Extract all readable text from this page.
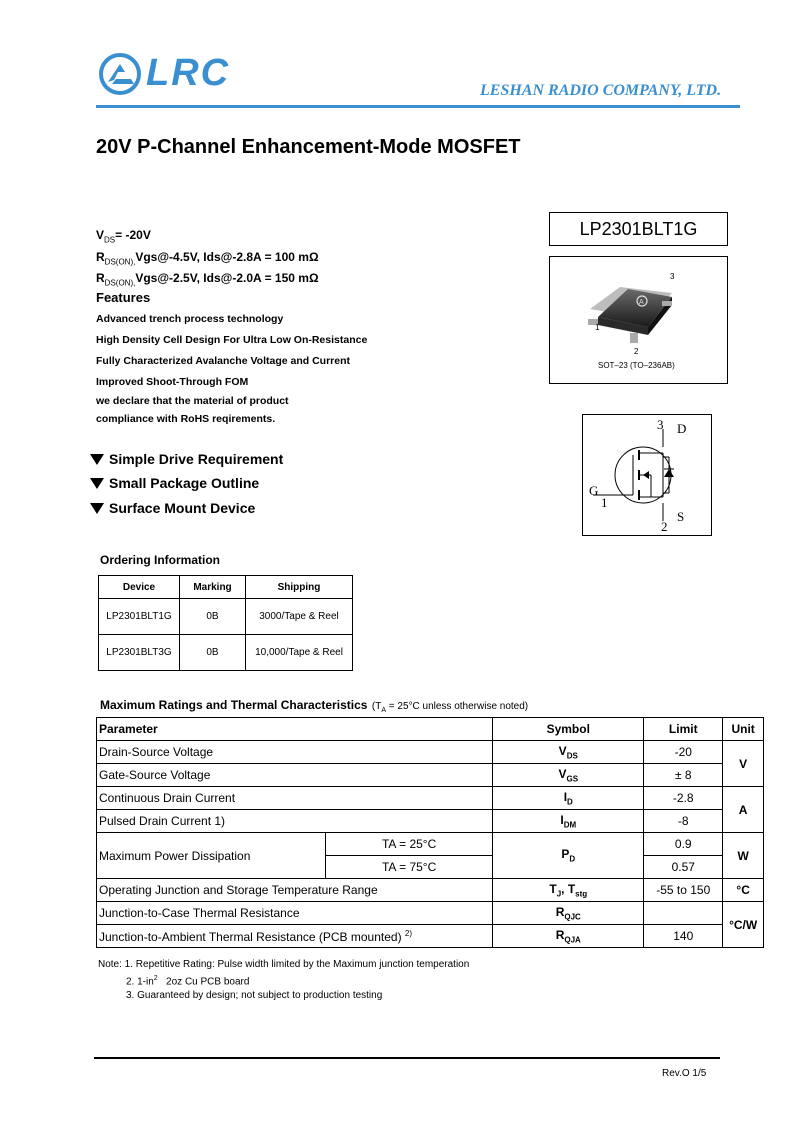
LRC	LESHAN RADIO COMPANY, LTD.
20V P-Channel Enhancement-Mode MOSFET
LP2301BLT1G
A
3
1
2
SOT–23 (TO–236AB)
3 D
G
1
2
S
$V_{DS}= -20V$
$R_{DS(ON),}Vgs@-4.5V$, Ids@-2.8A = 100 mΩ
$R_{DS(ON),}Vgs@-2.5V$, Ids@-2.0A = 150 mΩ
Features
Advanced trench process technology
High Density Cell Design For Ultra Low On-Resistance
Fully Characterized Avalanche Voltage and Current
Improved Shoot-Through FOM
we declare that the material of product
compliance with RoHS reqirements.
Simple Drive Requirement
Small Package Outline
Surface Mount Device
Ordering Information
Device	Marking	Shipping
LP2301BLT1G	0B	3000/Tape & Reel
LP2301BLT3G	0B	10,000/Tape & Reel
Maximum Ratings and Thermal Characteristics ($T_A = 25^\circ C$ unless otherwise noted)
Parameter		Symbol	Limit	Unit
Drain-Source Voltage		$V_{DS}$	-20	V
Gate-Source Voltage		$V_{GS}$	± 8	
Continuous Drain Current		$I_D$	-2.8	A
Pulsed Drain Current 1)		$I_{DM}$	-8	
Maximum Power Dissipation	TA = 25°C	$P_D$	0.9	W
	TA = 75°C		0.57	
Operating Junction and Storage Temperature Range		$T_J$, $T_{stg}$	-55 to 150	°C
Junction-to-Case Thermal Resistance		$R_{QJC}$		°C/W
Junction-to-Ambient Thermal Resistance (PCB mounted) $^{2)}$		$R_{QJA}$	140	
Note: 1. Repetitive Rating: Pulse width limited by the Maximum junction temperation
2. $1-in^2$   2oz Cu PCB board
3. Guaranteed by design; not subject to production testing
Rev.O 1/5
